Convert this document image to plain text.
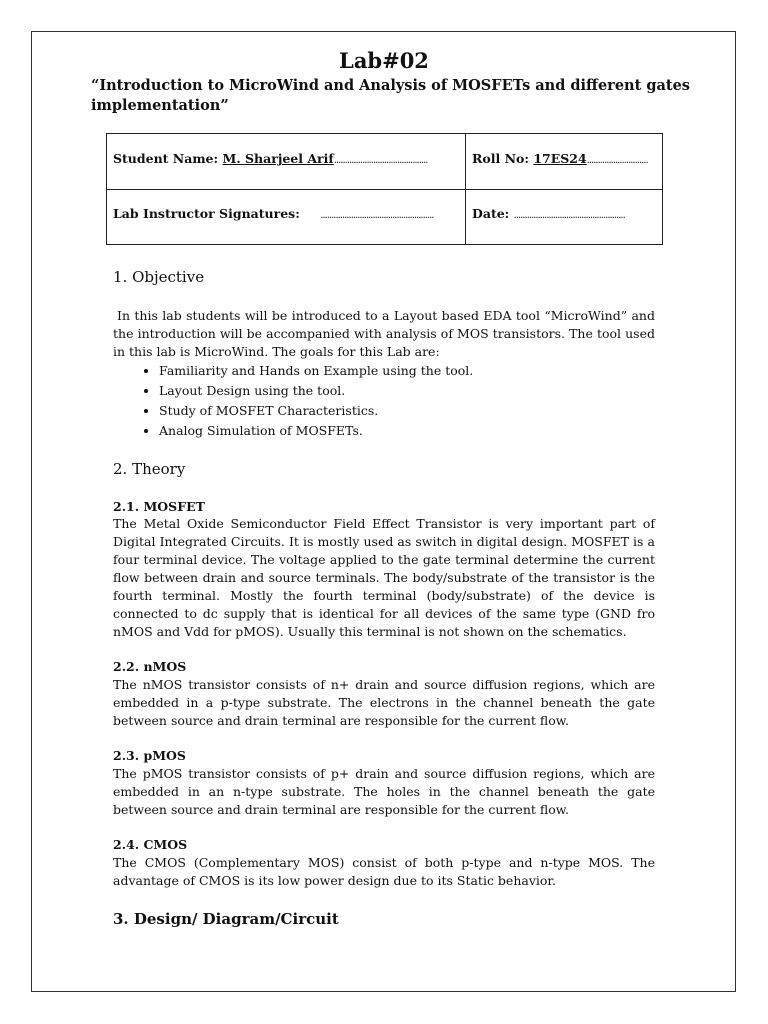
Lab#02
“Introduction to MicroWind and Analysis of MOSFETs and different gates implementation”
Student Name: M. Sharjeel Arif...........................................	Roll No: 17ES24............................
Lab Instructor Signatures: ....................................................	Date: ...................................................
1. Objective
In this lab students will be introduced to a Layout based EDA tool “MicroWind” and the introduction will be accompanied with analysis of MOS transistors. The tool used in this lab is MicroWind. The goals for this Lab are:
• Familiarity and Hands on Example using the tool.
• Layout Design using the tool.
• Study of MOSFET Characteristics.
• Analog Simulation of MOSFETs.
2. Theory
2.1. MOSFET
The Metal Oxide Semiconductor Field Effect Transistor is very important part of Digital Integrated Circuits. It is mostly used as switch in digital design. MOSFET is a four terminal device. The voltage applied to the gate terminal determine the current flow between drain and source terminals. The body/substrate of the transistor is the fourth terminal. Mostly the fourth terminal (body/substrate) of the device is connected to dc supply that is identical for all devices of the same type (GND fro nMOS and Vdd for pMOS). Usually this terminal is not shown on the schematics.
2.2. nMOS
The nMOS transistor consists of n+ drain and source diffusion regions, which are embedded in a p-type substrate. The electrons in the channel beneath the gate between source and drain terminal are responsible for the current flow.
2.3. pMOS
The pMOS transistor consists of p+ drain and source diffusion regions, which are embedded in an n-type substrate. The holes in the channel beneath the gate between source and drain terminal are responsible for the current flow.
2.4. CMOS
The CMOS (Complementary MOS) consist of both p-type and n-type MOS. The advantage of CMOS is its low power design due to its Static behavior.
3. Design/ Diagram/Circuit
